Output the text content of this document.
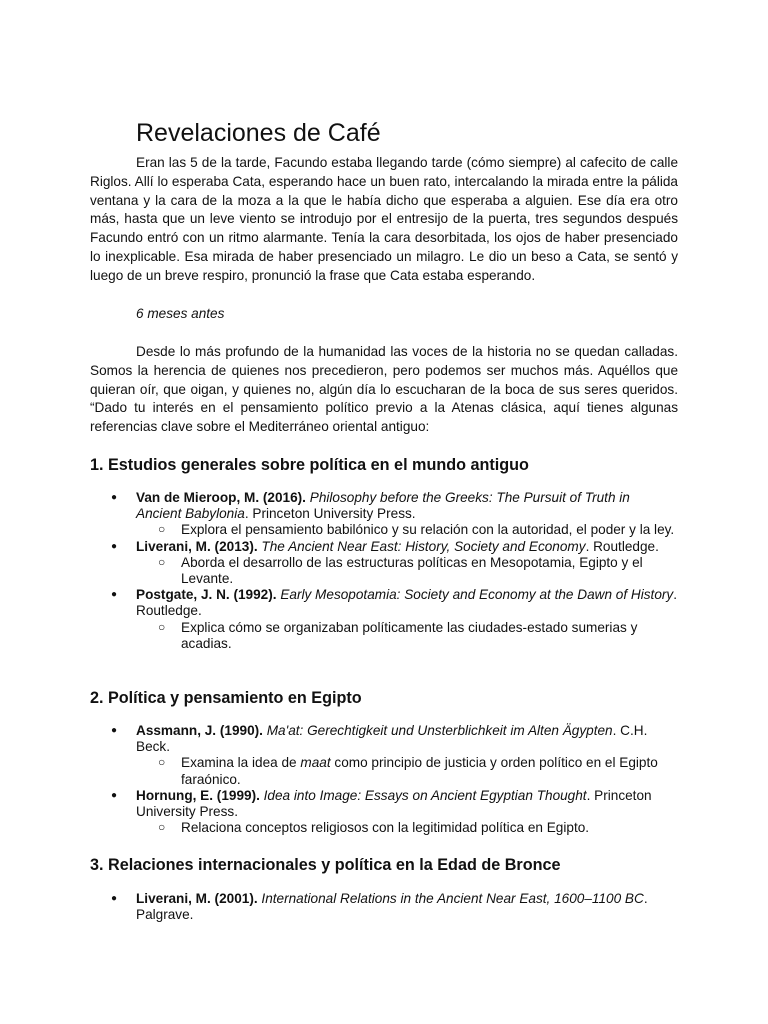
Revelaciones de Café

Eran las 5 de la tarde, Facundo estaba llegando tarde (cómo siempre) al cafecito de calle Riglos. Allí lo esperaba Cata, esperando hace un buen rato, intercalando la mirada entre la pálida ventana y la cara de la moza a la que le había dicho que esperaba a alguien. Ese día era otro más, hasta que un leve viento se introdujo por el entresijo de la puerta, tres segundos después Facundo entró con un ritmo alarmante. Tenía la cara desorbitada, los ojos de haber presenciado lo inexplicable. Esa mirada de haber presenciado un milagro. Le dio un beso a Cata, se sentó y luego de un breve respiro, pronunció la frase que Cata estaba esperando.

6 meses antes

Desde lo más profundo de la humanidad las voces de la historia no se quedan calladas. Somos la herencia de quienes nos precedieron, pero podemos ser muchos más. Aquéllos que quieran oír, que oigan, y quienes no, algún día lo escucharan de la boca de sus seres queridos. “Dado tu interés en el pensamiento político previo a la Atenas clásica, aquí tienes algunas referencias clave sobre el Mediterráneo oriental antiguo:

1. Estudios generales sobre política en el mundo antiguo
● Van de Mieroop, M. (2016). Philosophy before the Greeks: The Pursuit of Truth in Ancient Babylonia. Princeton University Press.
○ Explora el pensamiento babilónico y su relación con la autoridad, el poder y la ley.
● Liverani, M. (2013). The Ancient Near East: History, Society and Economy. Routledge.
○ Aborda el desarrollo de las estructuras políticas en Mesopotamia, Egipto y el Levante.
● Postgate, J. N. (1992). Early Mesopotamia: Society and Economy at the Dawn of History. Routledge.
○ Explica cómo se organizaban políticamente las ciudades-estado sumerias y acadias.
2. Política y pensamiento en Egipto
● Assmann, J. (1990). Ma'at: Gerechtigkeit und Unsterblichkeit im Alten Ägypten. C.H. Beck.
○ Examina la idea de maat como principio de justicia y orden político en el Egipto faraónico.
● Hornung, E. (1999). Idea into Image: Essays on Ancient Egyptian Thought. Princeton University Press.
○ Relaciona conceptos religiosos con la legitimidad política en Egipto.
3. Relaciones internacionales y política en la Edad de Bronce
● Liverani, M. (2001). International Relations in the Ancient Near East, 1600–1100 BC. Palgrave.
